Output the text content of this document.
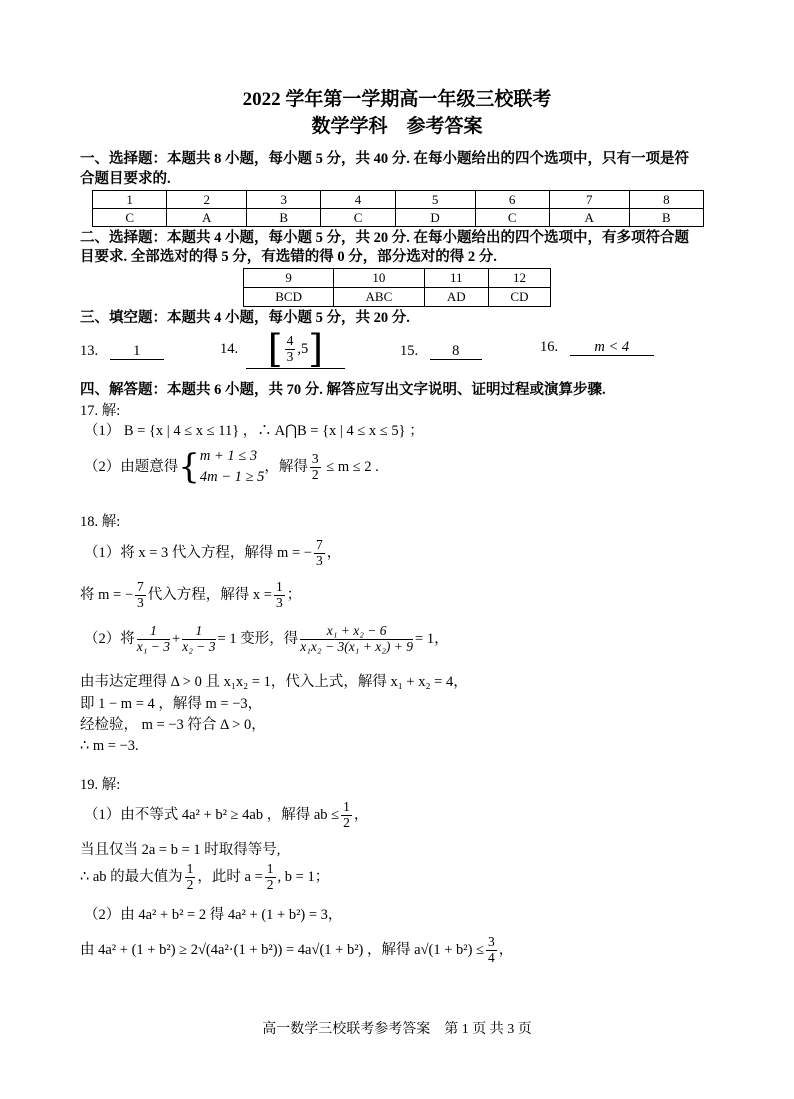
2022 学年第一学期高一年级三校联考
数学学科　参考答案
一、选择题：本题共 8 小题，每小题 5 分，共 40 分. 在每小题给出的四个选项中，只有一项是符
合题目要求的.
1	2	3	4	5	6	7	8
C	A	B	C	D	C	A	B
二、选择题：本题共 4 小题，每小题 5 分，共 20 分. 在每小题给出的四个选项中，有多项符合题
目要求. 全部选对的得 5 分，有选错的得 0 分，部分选对的得 2 分.
9	10	11	12
BCD	ABC	AD	CD
三、填空题：本题共 4 小题，每小题 5 分，共 20 分.
13. 1	14. [ $\frac{4}{3} ,5$]	15. 8	16. m < 4
四、解答题：本题共 6 小题，共 70 分. 解答应写出文字说明、证明过程或演算步骤.
17. 解:
（1） B = {x | 4 ≤ x ≤ 11} ，∴ A⋂B = {x | 4 ≤ x ≤ 5} ；
（2）由题意得{ m + 1 ≤ 3
4m − 1 ≥ 5
，解得 $\frac{3}{2} \le m \le 2$ .
18. 解:
（1）将 x = 3 代入方程，解得 m = − $\frac{7}{3}$ ，
将 m = − $\frac{7}{3}$ 代入方程，解得 $x = \frac{1}{3}$ ；
（2）将 $\frac{1}{\text{x₁ − 3}} + \frac{1}{\text{x₂ − 3}} = 1$ 变形，得 $\frac{\text{x₁ + x₂ − 6}}{\text{x₁x₂ − 3(x₁ + x₂) + 9}} = 1$，
由韦达定理得 Δ > 0 且 x₁x₂ = 1，代入上式，解得 x₁ + x₂ = 4，
即 1 − m = 4 ，解得 m = −3，
经检验， m = −3 符合 Δ > 0，
∴ m = −3.
19. 解:
（1）由不等式 4a² + b² ≥ 4ab ，解得 ab ≤ $\frac{1}{2}$ ，
当且仅当 2a = b = 1 时取得等号,
∴ ab 的最大值为 $\frac{1}{2}$ ，此时 $a = \frac{1}{2}$ , b = 1；
（2）由 4a² + b² = 2 得 4a² + (1 + b²) = 3，
由 4a² + (1 + b²) ≥ 2√(4a²·(1 + b²)) = 4a√(1 + b²) ，解得 $a√(1 + b^2) \le \frac{3}{4}$ ，
高一数学三校联考参考答案　第 1 页 共 3 页
